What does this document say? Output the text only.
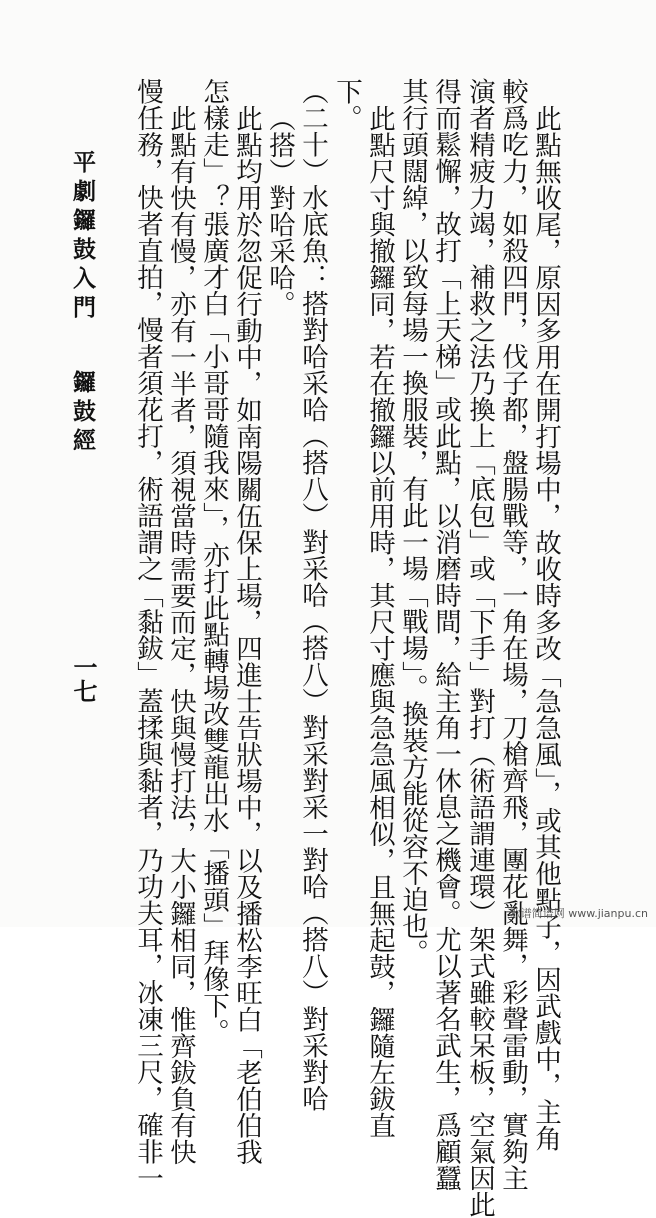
此點無收尾，原因多用在開打場中，故收時多改「急急風」，或其他點子，因武戲中，主角
較爲吃力，如殺四門，伐子都，盤腸戰等，一角在場，刀槍齊飛，團花亂舞，彩聲雷動，實夠主
演者精疲力竭，補救之法乃換上「底包」或「下手」對打（術語謂連環）架式雖較呆板，空氣因此
得而鬆懈，故打「上天梯」或此點，以消磨時間，給主角一休息之機會。尤以著名武生，爲顧蠶
其行頭闊綽，以致每場一換服裝，有此一場「戰場」。換裝方能從容不迫也。
此點尺寸與撤鑼同，若在撤鑼以前用時，其尺寸應與急急風相似，且無起鼓，鑼隨左鈸直
下。
（二十）水底魚：搭對哈采哈（搭八）對采哈（搭八）對采對采一對哈（搭八）對采對哈
（搭）對哈采哈。
此點均用於忽促行動中，如南陽關伍保上場，四進士告狀場中，以及播松李旺白「老伯伯我
怎樣走」？張廣才白「小哥哥隨我來」，亦打此點轉場改雙龍出水「播頭」拜像下。
此點有快有慢，亦有一半者，須視當時需要而定，快與慢打法，大小鑼相同，惟齊鈸負有快
慢任務，快者直拍，慢者須花打，術語謂之「黏鈸」蓋揉與黏者，乃功夫耳，冰凍三尺，確非一
平劇鑼鼓入門
鑼鼓經
一七
歌谱简谱网 www.jianpu.cn
